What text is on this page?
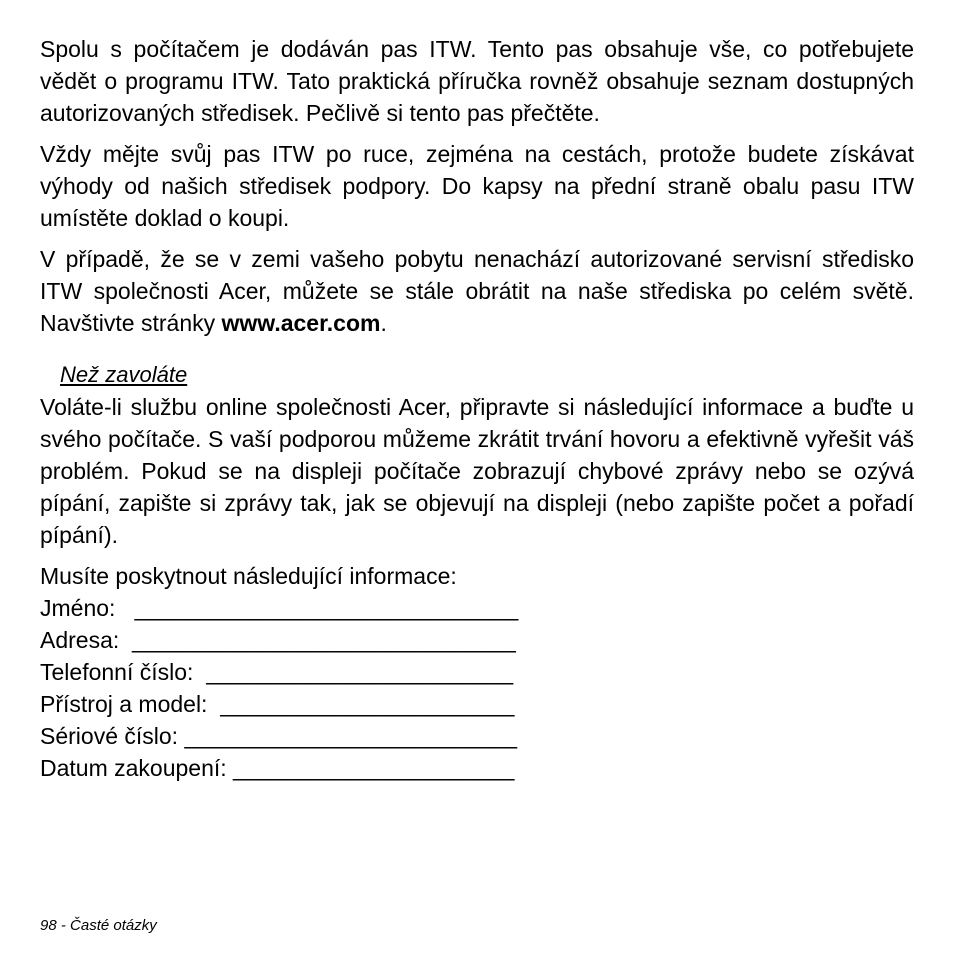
Spolu s počítačem je dodáván pas ITW. Tento pas obsahuje vše, co potřebujete vědět o programu ITW. Tato praktická příručka rovněž obsahuje seznam dostupných autorizovaných středisek. Pečlivě si tento pas přečtěte.

Vždy mějte svůj pas ITW po ruce, zejména na cestách, protože budete získávat výhody od našich středisek podpory. Do kapsy na přední straně obalu pasu ITW umístěte doklad o koupi.

V případě, že se v zemi vašeho pobytu nenachází autorizované servisní středisko ITW společnosti Acer, můžete se stále obrátit na naše střediska po celém světě. Navštivte stránky www.acer.com.

Než zavoláte

Voláte-li službu online společnosti Acer, připravte si následující informace a buďte u svého počítače. S vaší podporou můžeme zkrátit trvání hovoru a efektivně vyřešit váš problém. Pokud se na displeji počítače zobrazují chybové zprávy nebo se ozývá pípání, zapište si zprávy tak, jak se objevují na displeji (nebo zapište počet a pořadí pípání).

Musíte poskytnout následující informace:

Jméno:   ______________________________

Adresa:  ______________________________

Telefonní číslo:  ________________________

Přístroj a model:  _______________________

Sériové číslo: __________________________

Datum zakoupení: ______________________

98 - Časté otázky
